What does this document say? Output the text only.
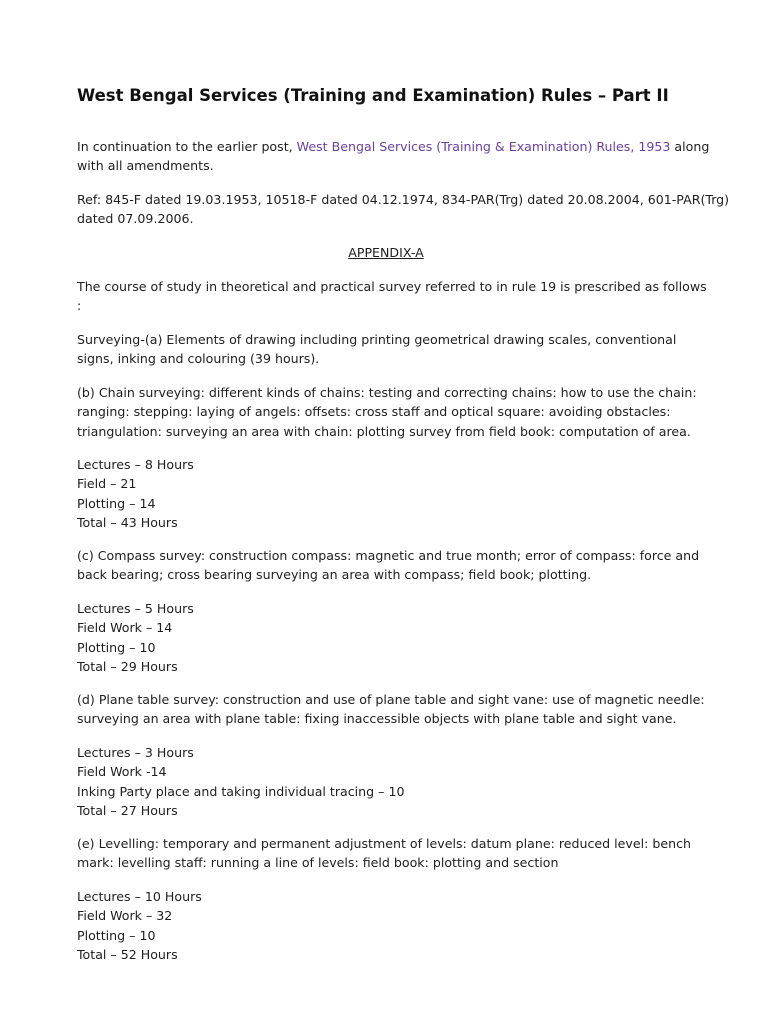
West Bengal Services (Training and Examination) Rules – Part II

In continuation to the earlier post, West Bengal Services (Training & Examination) Rules, 1953 along
with all amendments.

Ref: 845-F dated 19.03.1953, 10518-F dated 04.12.1974, 834-PAR(Trg) dated 20.08.2004, 601-PAR(Trg)
dated 07.09.2006.

APPENDIX-A

The course of study in theoretical and practical survey referred to in rule 19 is prescribed as follows
:

Surveying-(a) Elements of drawing including printing geometrical drawing scales, conventional
signs, inking and colouring (39 hours).

(b) Chain surveying: different kinds of chains: testing and correcting chains: how to use the chain:
ranging: stepping: laying of angels: offsets: cross staff and optical square: avoiding obstacles:
triangulation: surveying an area with chain: plotting survey from field book: computation of area.

Lectures – 8 Hours
Field – 21
Plotting – 14
Total – 43 Hours

(c) Compass survey: construction compass: magnetic and true month; error of compass: force and
back bearing; cross bearing surveying an area with compass; field book; plotting.

Lectures – 5 Hours
Field Work – 14
Plotting – 10
Total – 29 Hours

(d) Plane table survey: construction and use of plane table and sight vane: use of magnetic needle:
surveying an area with plane table: fixing inaccessible objects with plane table and sight vane.

Lectures – 3 Hours
Field Work -14
Inking Party place and taking individual tracing – 10
Total – 27 Hours

(e) Levelling: temporary and permanent adjustment of levels: datum plane: reduced level: bench
mark: levelling staff: running a line of levels: field book: plotting and section

Lectures – 10 Hours
Field Work – 32
Plotting – 10
Total – 52 Hours
